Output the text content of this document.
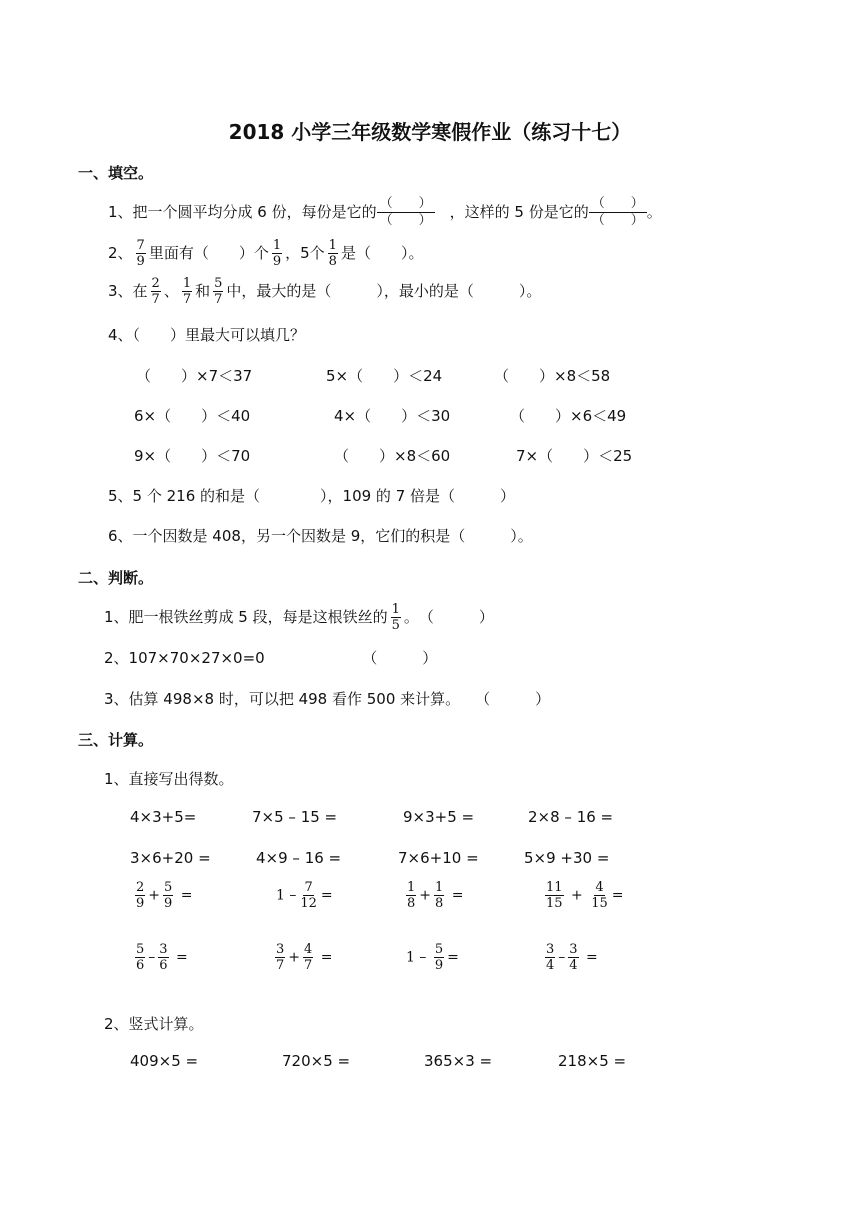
2018 小学三年级数学寒假作业（练习十七）
一、填空。
1、把一个圆平均分成 6 份，每份是它的 （　　）
（　　）
　 ，这样的 5 份是它的 （　　）
（　　） 。
2、 $\frac{7}{9}$ 里面有（　　）个 $\frac{1}{9}$ ，5个 $\frac{1}{8}$ 是（　　）。
3、在 $\frac{2}{7}$ 、 $\frac{1}{7}$ 和 $\frac{5}{7}$ 中，最大的是（　　　），最小的是（　　　）。
4、（　　）里最大可以填几？
（　　）×7＜37	5×（　　）＜24	（　　）×8＜58
6×（　　）＜40	4×（　　）＜30	（　　）×6＜49
9×（　　）＜70	（　　）×8＜60	7×（　　）＜25
5、5 个 216 的和是（　　　　），109 的 7 倍是（　　　）
6、一个因数是 408，另一个因数是 9，它们的积是（　　　）。
二、判断。
1、肥一根铁丝剪成 5 段，每是这根铁丝的 $\frac{1}{5}$ 。　（　　　）
2、107×70×27×0=0　　　　　　　（　　　）
3、估算 498×8 时，可以把 498 看作 500 来计算。　　（　　　）
三、计算。
1、直接写出得数。
4×3+5=	7×5 – 15 =	9×3+5 =	2×8 – 16 =
3×6+20 =	4×9 – 16 =	7×6+10 =	5×9 +30 =
$\frac{2}{9} + \frac{5}{9}$ =	$1 - \frac{7}{12}$ =	$\frac{1}{8} + \frac{1}{8}$ =	$\frac{11}{15} + \frac{4}{15}$ =
$\frac{5}{6} - \frac{3}{6}$ =	$\frac{3}{7} + \frac{4}{7}$ =	$1 - \frac{5}{9}$ =	$\frac{3}{4} - \frac{3}{4}$ =
2、竖式计算。
409×5 =	720×5 =	365×3 =	218×5 =
